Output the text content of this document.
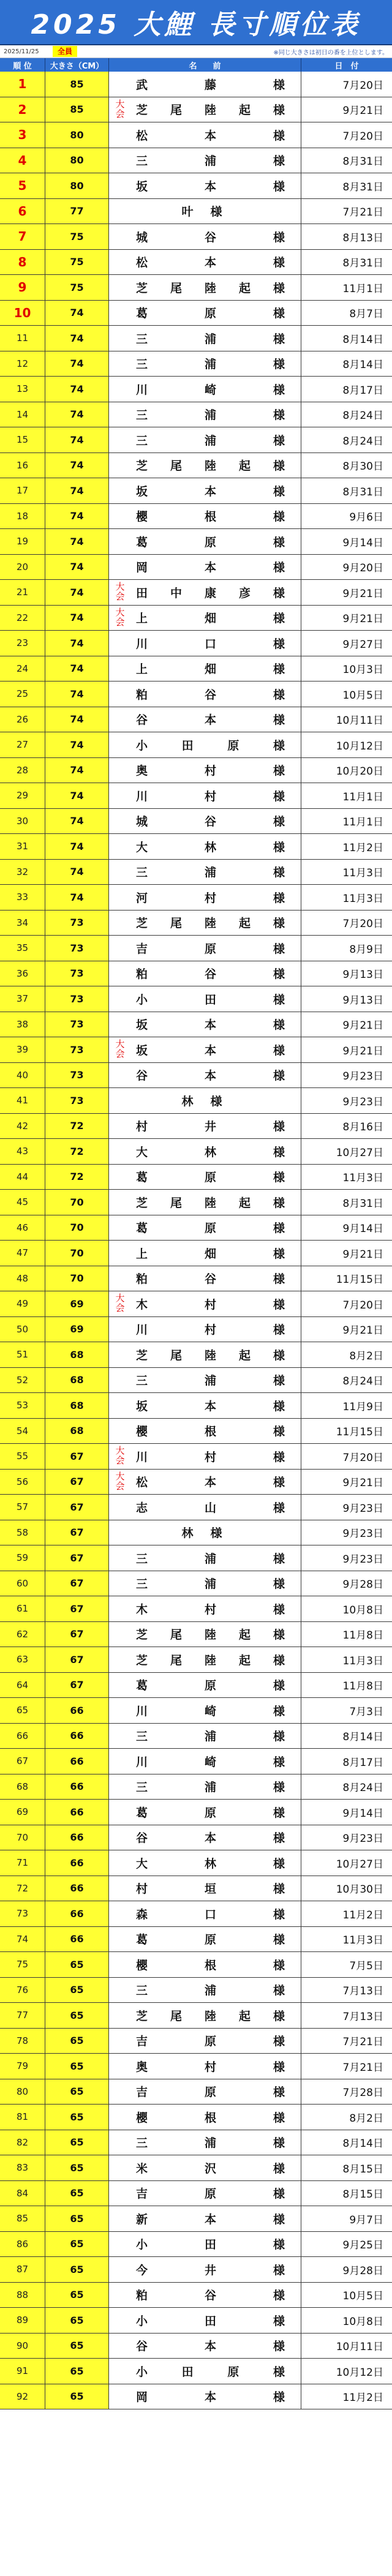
2025 大鯉 長寸順位表
2025/11/25	全員	※同じ大きさは初日の番を上位とします。
順 位	大きさ（CM）	名　　前	日　付
1	85	武	藤	様	7月20日
2	85	大会 芝 尾 陸 起 様	9月21日
3	80	松	本	様	7月20日
4	80	三	浦	様	8月31日
5	80	坂	本	様	8月31日
6	77	叶 様	7月21日
7	75	城	谷	様	8月13日
8	75	松	本	様	8月31日
9	75	芝 尾 陸 起 様	11月1日
10	74	葛	原	様	8月7日
11	74	三	浦	様	8月14日
12	74	三	浦	様	8月14日
13	74	川	崎	様	8月17日
14	74	三	浦	様	8月24日
15	74	三	浦	様	8月24日
16	74	芝 尾 陸 起 様	8月30日
17	74	坂	本	様	8月31日
18	74	櫻	根	様	9月6日
19	74	葛	原	様	9月14日
20	74	岡	本	様	9月20日
21	74	大会 田 中 康 彦 様	9月21日
22	74	大会 上	畑	様	9月21日
23	74	川	口	様	9月27日
24	74	上	畑	様	10月3日
25	74	粕	谷	様	10月5日
26	74	谷	本	様	10月11日
27	74	小	田	原	様	10月12日
28	74	奥	村	様	10月20日
29	74	川	村	様	11月1日
30	74	城	谷	様	11月1日
31	74	大	林	様	11月2日
32	74	三	浦	様	11月3日
33	74	河	村	様	11月3日
34	73	芝 尾 陸 起 様	7月20日
35	73	吉	原	様	8月9日
36	73	粕	谷	様	9月13日
37	73	小	田	様	9月13日
38	73	坂	本	様	9月21日
39	73	大会 坂	本	様	9月21日
40	73	谷	本	様	9月23日
41	73	林 様	9月23日
42	72	村	井	様	8月16日
43	72	大	林	様	10月27日
44	72	葛	原	様	11月3日
45	70	芝 尾 陸 起 様	8月31日
46	70	葛	原	様	9月14日
47	70	上	畑	様	9月21日
48	70	粕	谷	様	11月15日
49	69	大会 木	村	様	7月20日
50	69	川	村	様	9月21日
51	68	芝 尾 陸 起 様	8月2日
52	68	三	浦	様	8月24日
53	68	坂	本	様	11月9日
54	68	櫻	根	様	11月15日
55	67	大会 川	村	様	7月20日
56	67	大会 松	本	様	9月21日
57	67	志	山	様	9月23日
58	67	林 様	9月23日
59	67	三	浦	様	9月23日
60	67	三	浦	様	9月28日
61	67	木	村	様	10月8日
62	67	芝 尾 陸 起 様	11月8日
63	67	芝 尾 陸 起 様	11月3日
64	67	葛	原	様	11月8日
65	66	川	崎	様	7月3日
66	66	三	浦	様	8月14日
67	66	川	崎	様	8月17日
68	66	三	浦	様	8月24日
69	66	葛	原	様	9月14日
70	66	谷	本	様	9月23日
71	66	大	林	様	10月27日
72	66	村	垣	様	10月30日
73	66	森	口	様	11月2日
74	66	葛	原	様	11月3日
75	65	櫻	根	様	7月5日
76	65	三	浦	様	7月13日
77	65	芝 尾 陸 起 様	7月13日
78	65	吉	原	様	7月21日
79	65	奥	村	様	7月21日
80	65	吉	原	様	7月28日
81	65	櫻	根	様	8月2日
82	65	三	浦	様	8月14日
83	65	米	沢	様	8月15日
84	65	吉	原	様	8月15日
85	65	新	本	様	9月7日
86	65	小	田	様	9月25日
87	65	今	井	様	9月28日
88	65	粕	谷	様	10月5日
89	65	小	田	様	10月8日
90	65	谷	本	様	10月11日
91	65	小	田	原	様	10月12日
92	65	岡	本	様	11月2日
